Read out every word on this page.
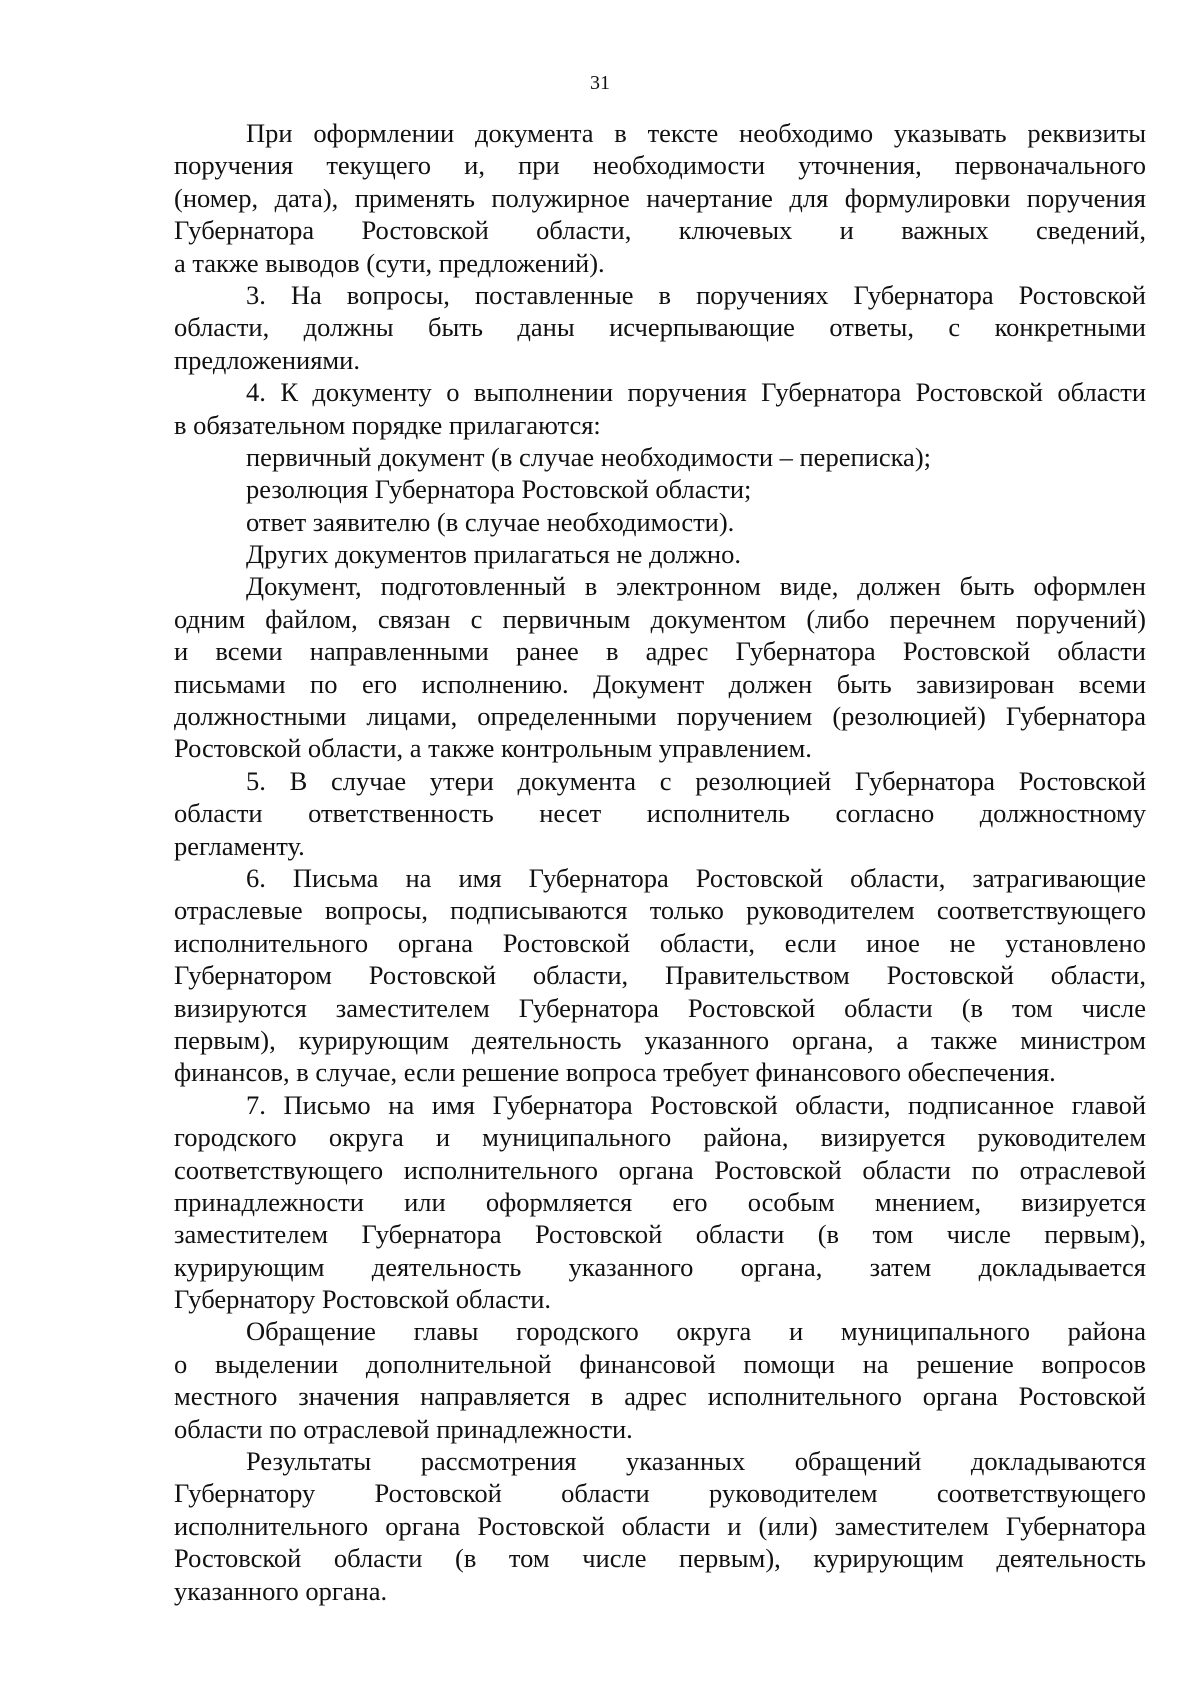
31
При оформлении документа в тексте необходимо указывать реквизиты
поручения текущего и, при необходимости уточнения, первоначального
(номер, дата), применять полужирное начертание для формулировки поручения
Губернатора Ростовской области, ключевых и важных сведений,
а также выводов (сути, предложений).
3. На вопросы, поставленные в поручениях Губернатора Ростовской
области, должны быть даны исчерпывающие ответы, с конкретными
предложениями.
4. К документу о выполнении поручения Губернатора Ростовской области
в обязательном порядке прилагаются:
первичный документ (в случае необходимости – переписка);
резолюция Губернатора Ростовской области;
ответ заявителю (в случае необходимости).
Других документов прилагаться не должно.
Документ, подготовленный в электронном виде, должен быть оформлен
одним файлом, связан с первичным документом (либо перечнем поручений)
и всеми направленными ранее в адрес Губернатора Ростовской области
письмами по его исполнению. Документ должен быть завизирован всеми
должностными лицами, определенными поручением (резолюцией) Губернатора
Ростовской области, а также контрольным управлением.
5. В случае утери документа с резолюцией Губернатора Ростовской
области ответственность несет исполнитель согласно должностному
регламенту.
6. Письма на имя Губернатора Ростовской области, затрагивающие
отраслевые вопросы, подписываются только руководителем соответствующего
исполнительного органа Ростовской области, если иное не установлено
Губернатором Ростовской области, Правительством Ростовской области,
визируются заместителем Губернатора Ростовской области (в том числе
первым), курирующим деятельность указанного органа, а также министром
финансов, в случае, если решение вопроса требует финансового обеспечения.
7. Письмо на имя Губернатора Ростовской области, подписанное главой
городского округа и муниципального района, визируется руководителем
соответствующего исполнительного органа Ростовской области по отраслевой
принадлежности или оформляется его особым мнением, визируется
заместителем Губернатора Ростовской области (в том числе первым),
курирующим деятельность указанного органа, затем докладывается
Губернатору Ростовской области.
Обращение главы городского округа и муниципального района
о выделении дополнительной финансовой помощи на решение вопросов
местного значения направляется в адрес исполнительного органа Ростовской
области по отраслевой принадлежности.
Результаты рассмотрения указанных обращений докладываются
Губернатору Ростовской области руководителем соответствующего
исполнительного органа Ростовской области и (или) заместителем Губернатора
Ростовской области (в том числе первым), курирующим деятельность
указанного органа.
